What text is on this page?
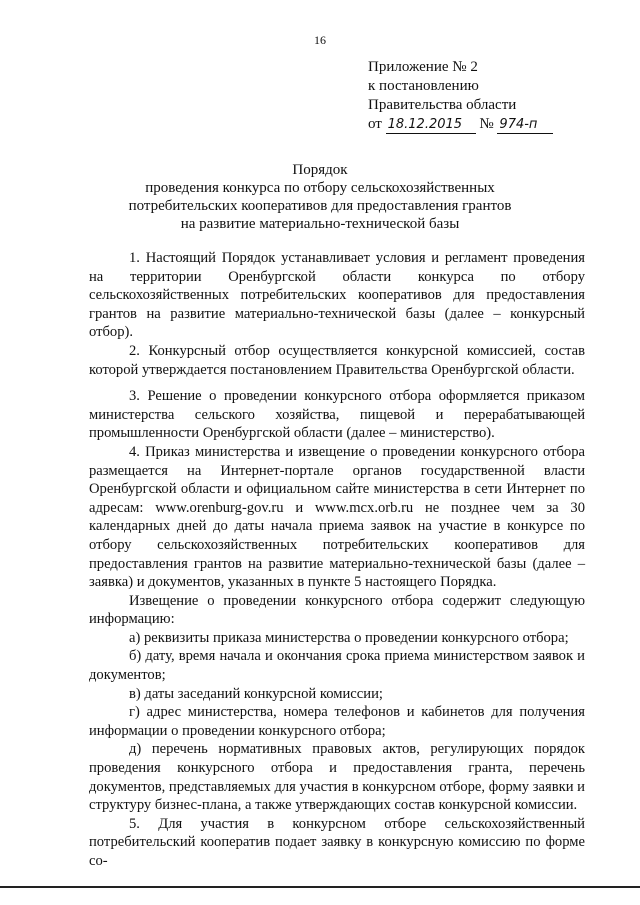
16
Приложение № 2
к постановлению
Правительства области
от 18.12.2015 № 974-п
Порядок
проведения конкурса по отбору сельскохозяйственных
потребительских кооперативов для предоставления грантов
на развитие материально-технической базы

1. Настоящий Порядок устанавливает условия и регламент проведения на территории Оренбургской области конкурса по отбору сельскохозяйственных потребительских кооперативов для предоставления грантов на развитие материально-технической базы (далее – конкурсный отбор).

2. Конкурсный отбор осуществляется конкурсной комиссией, состав которой утверждается постановлением Правительства Оренбургской области.

3. Решение о проведении конкурсного отбора оформляется приказом министерства сельского хозяйства, пищевой и перерабатывающей промышленности Оренбургской области (далее – министерство).

4. Приказ министерства и извещение о проведении конкурсного отбора размещается на Интернет-портале органов государственной власти Оренбургской области и официальном сайте министерства в сети Интернет по адресам: www.orenburg-gov.ru и www.mcx.orb.ru не позднее чем за 30 календарных дней до даты начала приема заявок на участие в конкурсе по отбору сельскохозяйственных потребительских кооперативов для предоставления грантов на развитие материально-технической базы (далее – заявка) и документов, указанных в пункте 5 настоящего Порядка.

Извещение о проведении конкурсного отбора содержит следующую информацию:

а) реквизиты приказа министерства о проведении конкурсного отбора;

б) дату, время начала и окончания срока приема министерством заявок и документов;

в) даты заседаний конкурсной комиссии;

г) адрес министерства, номера телефонов и кабинетов для получения информации о проведении конкурсного отбора;

д) перечень нормативных правовых актов, регулирующих порядок проведения конкурсного отбора и предоставления гранта, перечень документов, представляемых для участия в конкурсном отборе, форму заявки и структуру бизнес-плана, а также утверждающих состав конкурсной комиссии.

5. Для участия в конкурсном отборе сельскохозяйственный потребительский кооператив подает заявку в конкурсную комиссию по форме со-
